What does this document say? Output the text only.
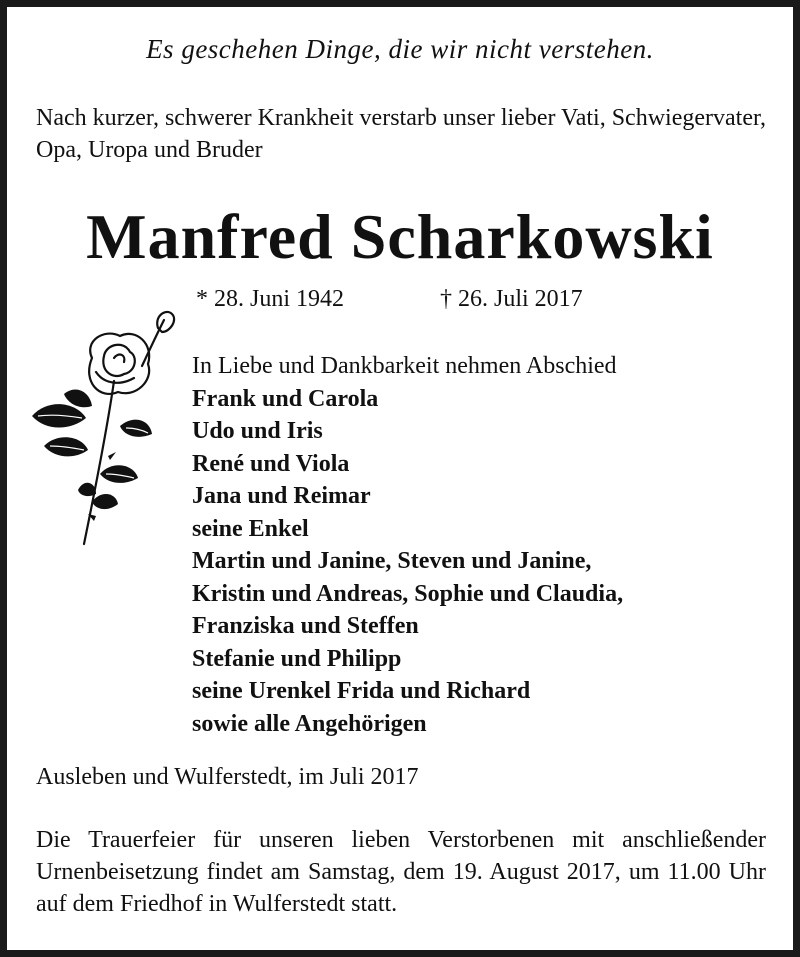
Es geschehen Dinge, die wir nicht verstehen.
Nach kurzer, schwerer Krankheit verstarb unser lieber Vati, Schwiegervater, Opa, Uropa und Bruder
Manfred Scharkowski
* 28. Juni 1942	† 26. Juli 2017
In Liebe und Dankbarkeit nehmen Abschied
Frank und Carola
Udo und Iris
René und Viola
Jana und Reimar
seine Enkel
Martin und Janine, Steven und Janine,
Kristin und Andreas, Sophie und Claudia,
Franziska und Steffen
Stefanie und Philipp
seine Urenkel Frida und Richard
sowie alle Angehörigen
Ausleben und Wulferstedt, im Juli 2017
Die Trauerfeier für unseren lieben Verstorbenen mit anschließender Urnenbeisetzung findet am Samstag, dem 19. August 2017, um 11.00 Uhr auf dem Friedhof in Wulferstedt statt.
